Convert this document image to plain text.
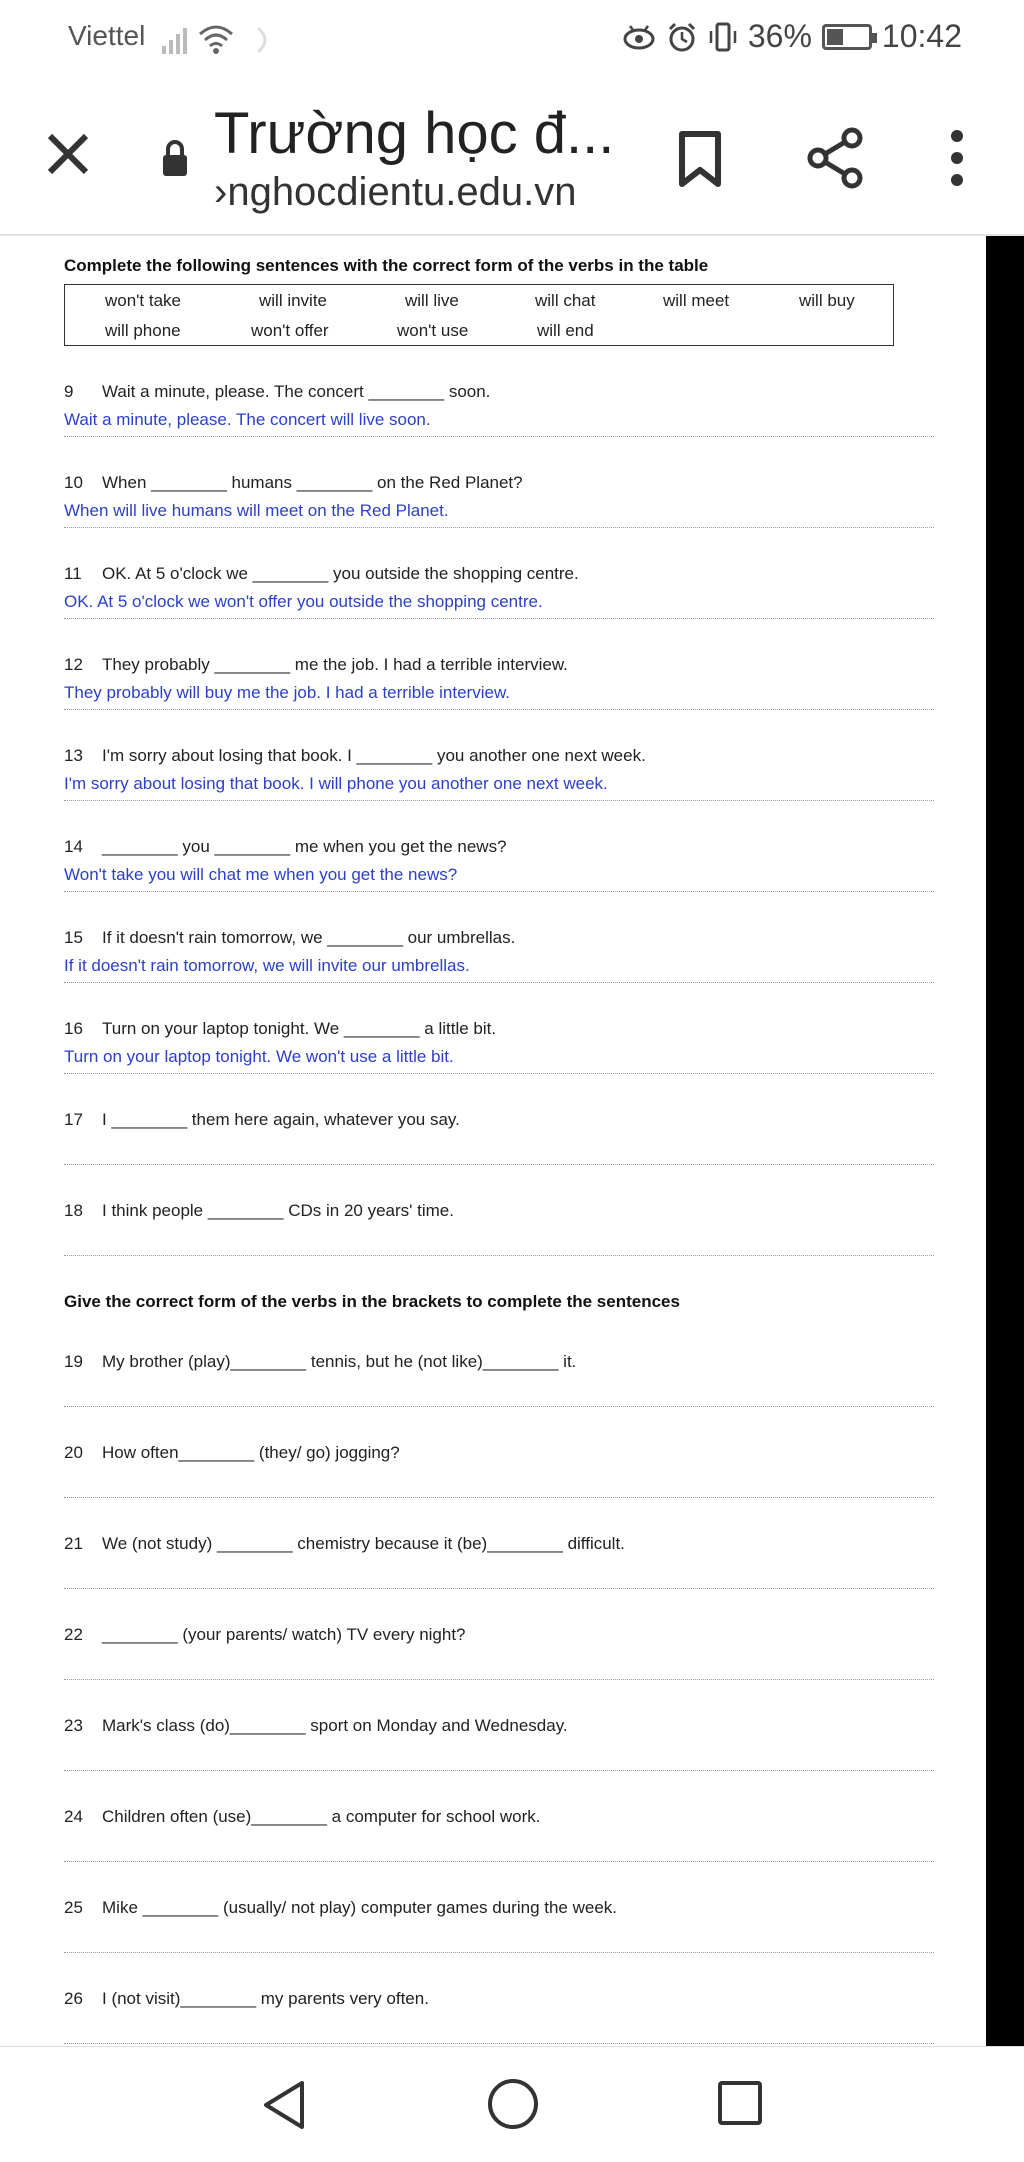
Viettel	36% 10:42
Trường học đ...
›nghocdientu.edu.vn
Complete the following sentences with the correct form of the verbs in the table
won't take	will invite	will live	will chat	will meet	will buy
will phone	won't offer	won't use	will end
9 Wait a minute, please. The concert ________ soon.
Wait a minute, please. The concert will live soon.
10 When ________ humans ________ on the Red Planet?
When will live humans will meet on the Red Planet.
11 OK. At 5 o'clock we ________ you outside the shopping centre.
OK. At 5 o'clock we won't offer you outside the shopping centre.
12 They probably ________ me the job. I had a terrible interview.
They probably will buy me the job. I had a terrible interview.
13 I'm sorry about losing that book. I ________ you another one next week.
I'm sorry about losing that book. I will phone you another one next week.
14 ________ you ________ me when you get the news?
Won't take you will chat me when you get the news?
15 If it doesn't rain tomorrow, we ________ our umbrellas.
If it doesn't rain tomorrow, we will invite our umbrellas.
16 Turn on your laptop tonight. We ________ a little bit.
Turn on your laptop tonight. We won't use a little bit.
17 I ________ them here again, whatever you say.
18 I think people ________ CDs in 20 years' time.
Give the correct form of the verbs in the brackets to complete the sentences
19 My brother (play)________ tennis, but he (not like)________ it.
20 How often________ (they/ go) jogging?
21 We (not study) ________ chemistry because it (be)________ difficult.
22 ________ (your parents/ watch) TV every night?
23 Mark's class (do)________ sport on Monday and Wednesday.
24 Children often (use)________ a computer for school work.
25 Mike ________ (usually/ not play) computer games during the week.
26 I (not visit)________ my parents very often.
